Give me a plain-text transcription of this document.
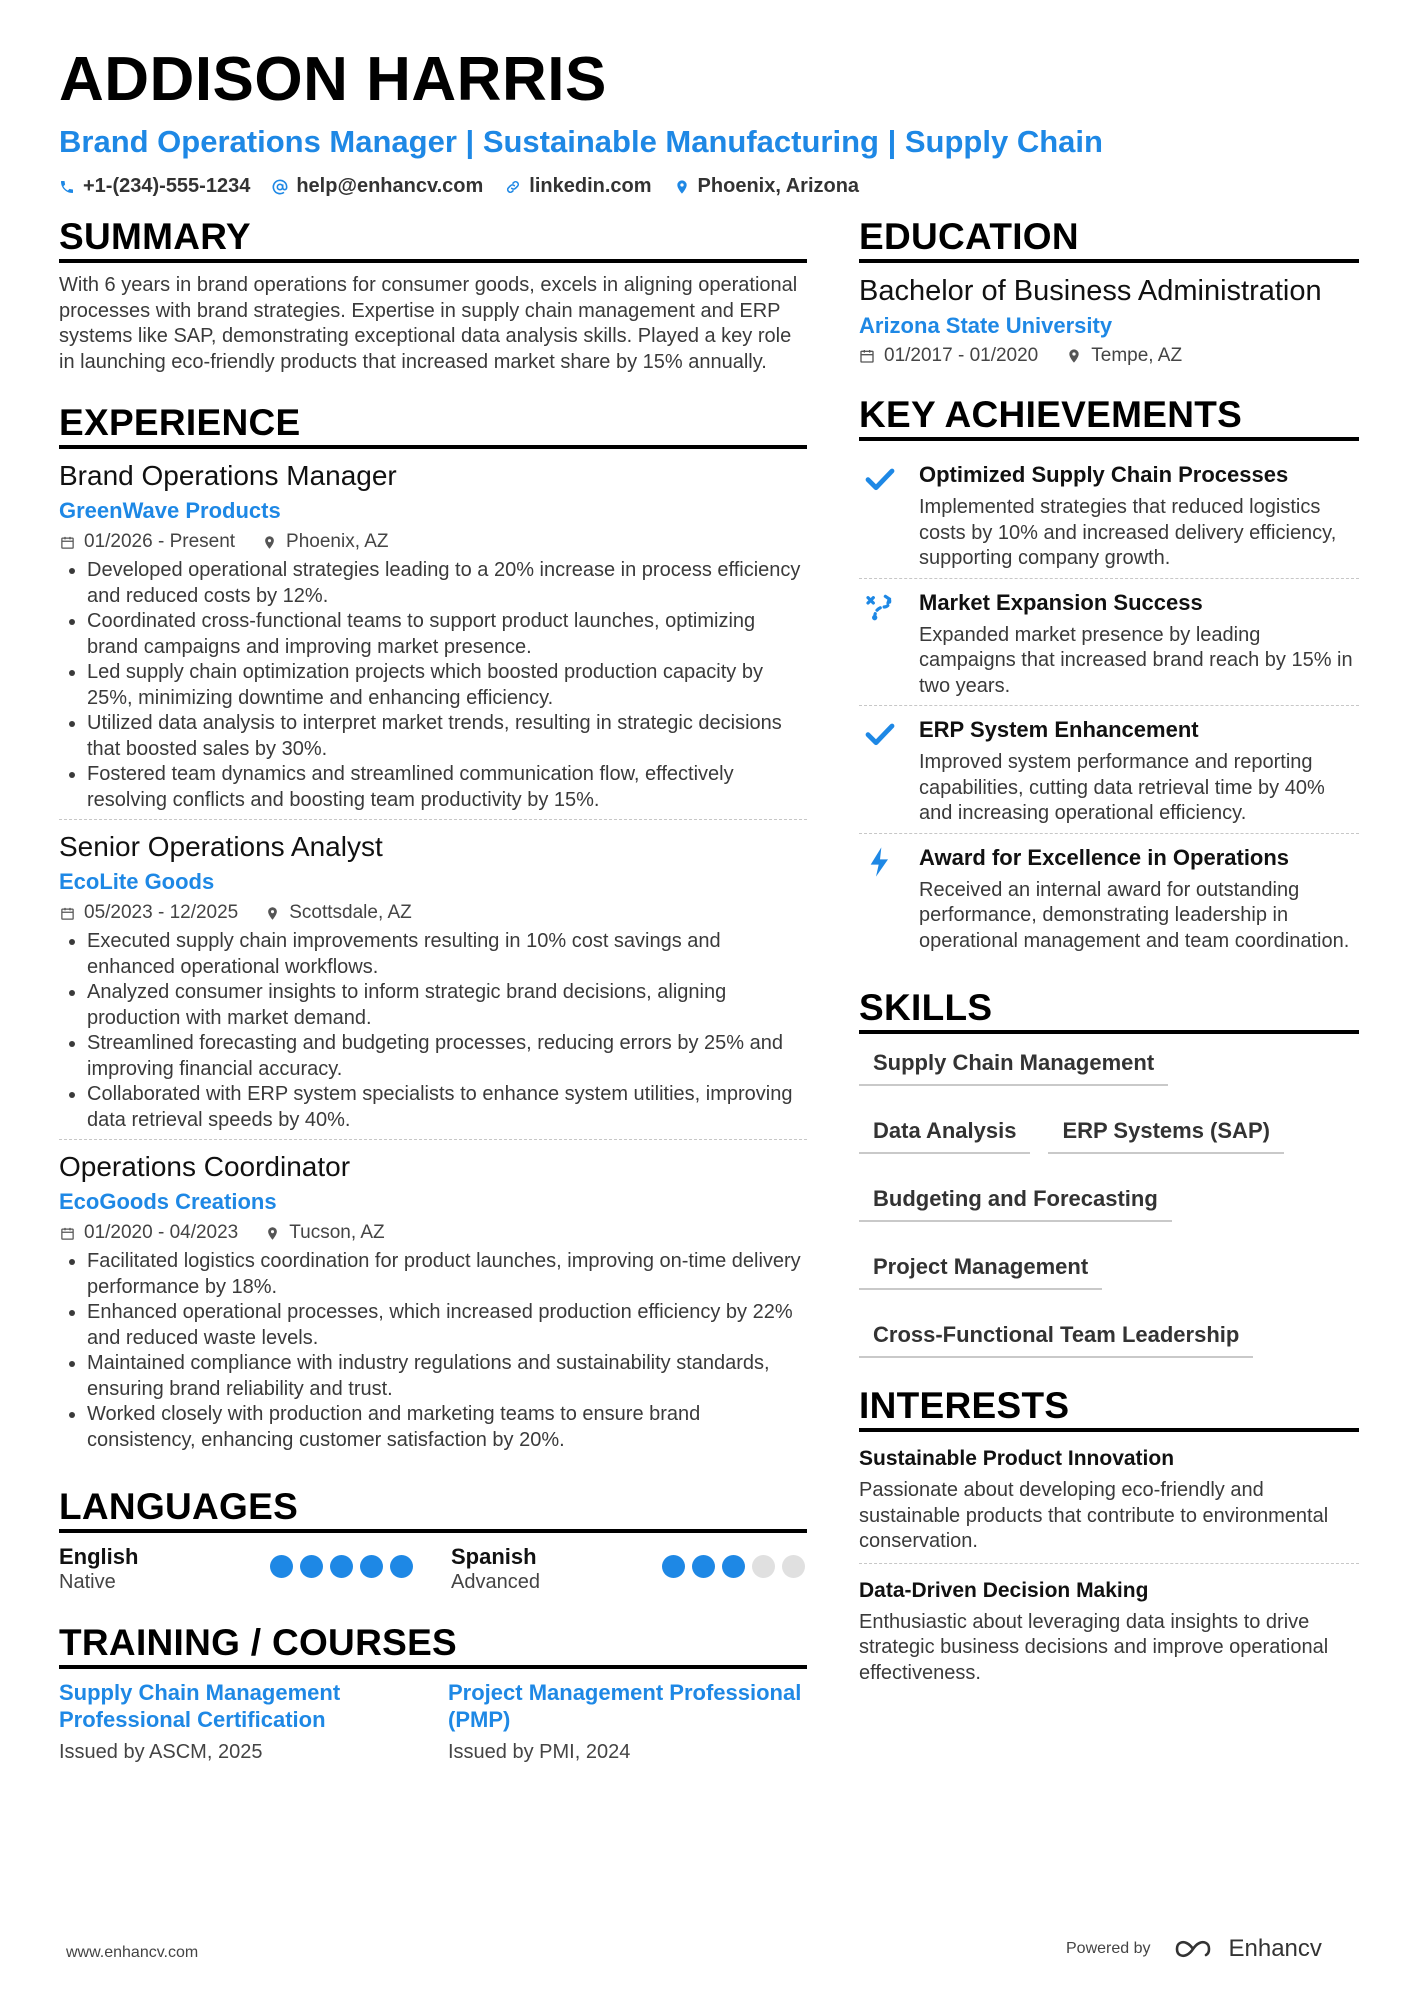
ADDISON HARRIS
Brand Operations Manager | Sustainable Manufacturing | Supply Chain
+1-(234)-555-1234 help@enhancv.com linkedin.com Phoenix, Arizona
SUMMARY
With 6 years in brand operations for consumer goods, excels in aligning operational processes with brand strategies. Expertise in supply chain management and ERP systems like SAP, demonstrating exceptional data analysis skills. Played a key role in launching eco-friendly products that increased market share by 15% annually.
EXPERIENCE
Brand Operations Manager
GreenWave Products
01/2026 - Present	Phoenix, AZ
• Developed operational strategies leading to a 20% increase in process efficiency and reduced costs by 12%.
• Coordinated cross-functional teams to support product launches, optimizing brand campaigns and improving market presence.
• Led supply chain optimization projects which boosted production capacity by 25%, minimizing downtime and enhancing efficiency.
• Utilized data analysis to interpret market trends, resulting in strategic decisions that boosted sales by 30%.
• Fostered team dynamics and streamlined communication flow, effectively resolving conflicts and boosting team productivity by 15%.
Senior Operations Analyst
EcoLite Goods
05/2023 - 12/2025	Scottsdale, AZ
• Executed supply chain improvements resulting in 10% cost savings and enhanced operational workflows.
• Analyzed consumer insights to inform strategic brand decisions, aligning production with market demand.
• Streamlined forecasting and budgeting processes, reducing errors by 25% and improving financial accuracy.
• Collaborated with ERP system specialists to enhance system utilities, improving data retrieval speeds by 40%.
Operations Coordinator
EcoGoods Creations
01/2020 - 04/2023	Tucson, AZ
• Facilitated logistics coordination for product launches, improving on-time delivery performance by 18%.
• Enhanced operational processes, which increased production efficiency by 22% and reduced waste levels.
• Maintained compliance with industry regulations and sustainability standards, ensuring brand reliability and trust.
• Worked closely with production and marketing teams to ensure brand consistency, enhancing customer satisfaction by 20%.
LANGUAGES
English
Native
Spanish
Advanced
TRAINING / COURSES
Supply Chain Management Professional Certification
Issued by ASCM, 2025
Project Management Professional (PMP)
Issued by PMI, 2024
EDUCATION
Bachelor of Business Administration
Arizona State University
01/2017 - 01/2020	Tempe, AZ
KEY ACHIEVEMENTS
Optimized Supply Chain Processes
Implemented strategies that reduced logistics costs by 10% and increased delivery efficiency, supporting company growth.
Market Expansion Success
Expanded market presence by leading campaigns that increased brand reach by 15% in two years.
ERP System Enhancement
Improved system performance and reporting capabilities, cutting data retrieval time by 40% and increasing operational efficiency.
Award for Excellence in Operations
Received an internal award for outstanding performance, demonstrating leadership in operational management and team coordination.
SKILLS
Supply Chain Management
Data Analysis	ERP Systems (SAP)
Budgeting and Forecasting
Project Management
Cross-Functional Team Leadership
INTERESTS
Sustainable Product Innovation
Passionate about developing eco-friendly and sustainable products that contribute to environmental conservation.
Data-Driven Decision Making
Enthusiastic about leveraging data insights to drive strategic business decisions and improve operational effectiveness.
www.enhancv.com	Powered by	Enhancv
